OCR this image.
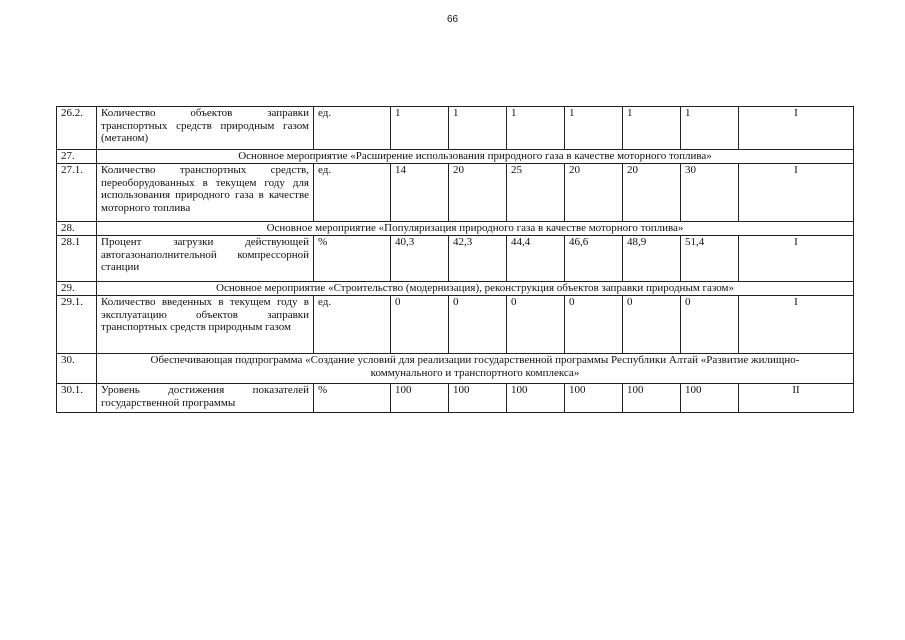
66
26.2.	Количество объектов заправки транспортных средств природным газом (метаном)	ед.	1	1	1	1	1	1	I
27.	Основное мероприятие «Расширение использования природного газа в качестве моторного топлива»								
27.1.	Количество транспортных средств, переоборудованных в текущем году для использования природного газа в качестве моторного топлива	ед.	14	20	25	20	20	30	I
28.	Основное мероприятие «Популяризация природного газа в качестве моторного топлива»								
28.1	Процент загрузки действующей автогазонаполнительной компрессорной станции	%	40,3	42,3	44,4	46,6	48,9	51,4	I
29.	Основное мероприятие «Строительство (модернизация), реконструкция объектов заправки природным газом»								
29.1.	Количество введенных в текущем году в эксплуатацию объектов заправки транспортных средств природным газом	ед.	0	0	0	0	0	0	I
30.	Обеспечивающая подпрограмма «Создание условий для реализации государственной программы Республики Алтай «Развитие жилищно-коммунального и транспортного комплекса»								
30.1.	Уровень достижения показателей государственной программы	%	100	100	100	100	100	100	II
